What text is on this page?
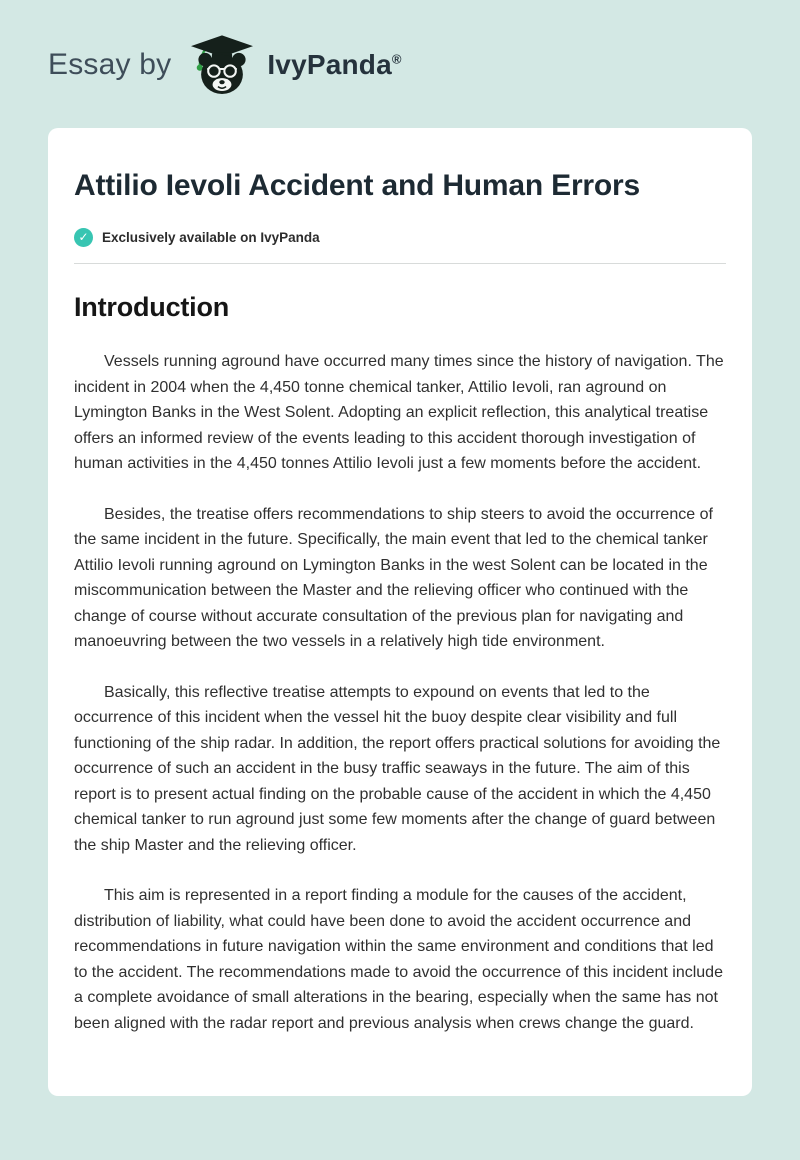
Essay by	IvyPanda®
Attilio Ievoli Accident and Human Errors
✓ Exclusively available on IvyPanda
Introduction

Vessels running aground have occurred many times since the history of navigation. The incident in 2004 when the 4,450 tonne chemical tanker, Attilio Ievoli, ran aground on Lymington Banks in the West Solent. Adopting an explicit reflection, this analytical treatise offers an informed review of the events leading to this accident thorough investigation of human activities in the 4,450 tonnes Attilio Ievoli just a few moments before the accident.

Besides, the treatise offers recommendations to ship steers to avoid the occurrence of the same incident in the future. Specifically, the main event that led to the chemical tanker Attilio Ievoli running aground on Lymington Banks in the west Solent can be located in the miscommunication between the Master and the relieving officer who continued with the change of course without accurate consultation of the previous plan for navigating and manoeuvring between the two vessels in a relatively high tide environment.

Basically, this reflective treatise attempts to expound on events that led to the occurrence of this incident when the vessel hit the buoy despite clear visibility and full functioning of the ship radar. In addition, the report offers practical solutions for avoiding the occurrence of such an accident in the busy traffic seaways in the future. The aim of this report is to present actual finding on the probable cause of the accident in which the 4,450 chemical tanker to run aground just some few moments after the change of guard between the ship Master and the relieving officer.

This aim is represented in a report finding a module for the causes of the accident, distribution of liability, what could have been done to avoid the accident occurrence and recommendations in future navigation within the same environment and conditions that led to the accident. The recommendations made to avoid the occurrence of this incident include a complete avoidance of small alterations in the bearing, especially when the same has not been aligned with the radar report and previous analysis when crews change the guard.
